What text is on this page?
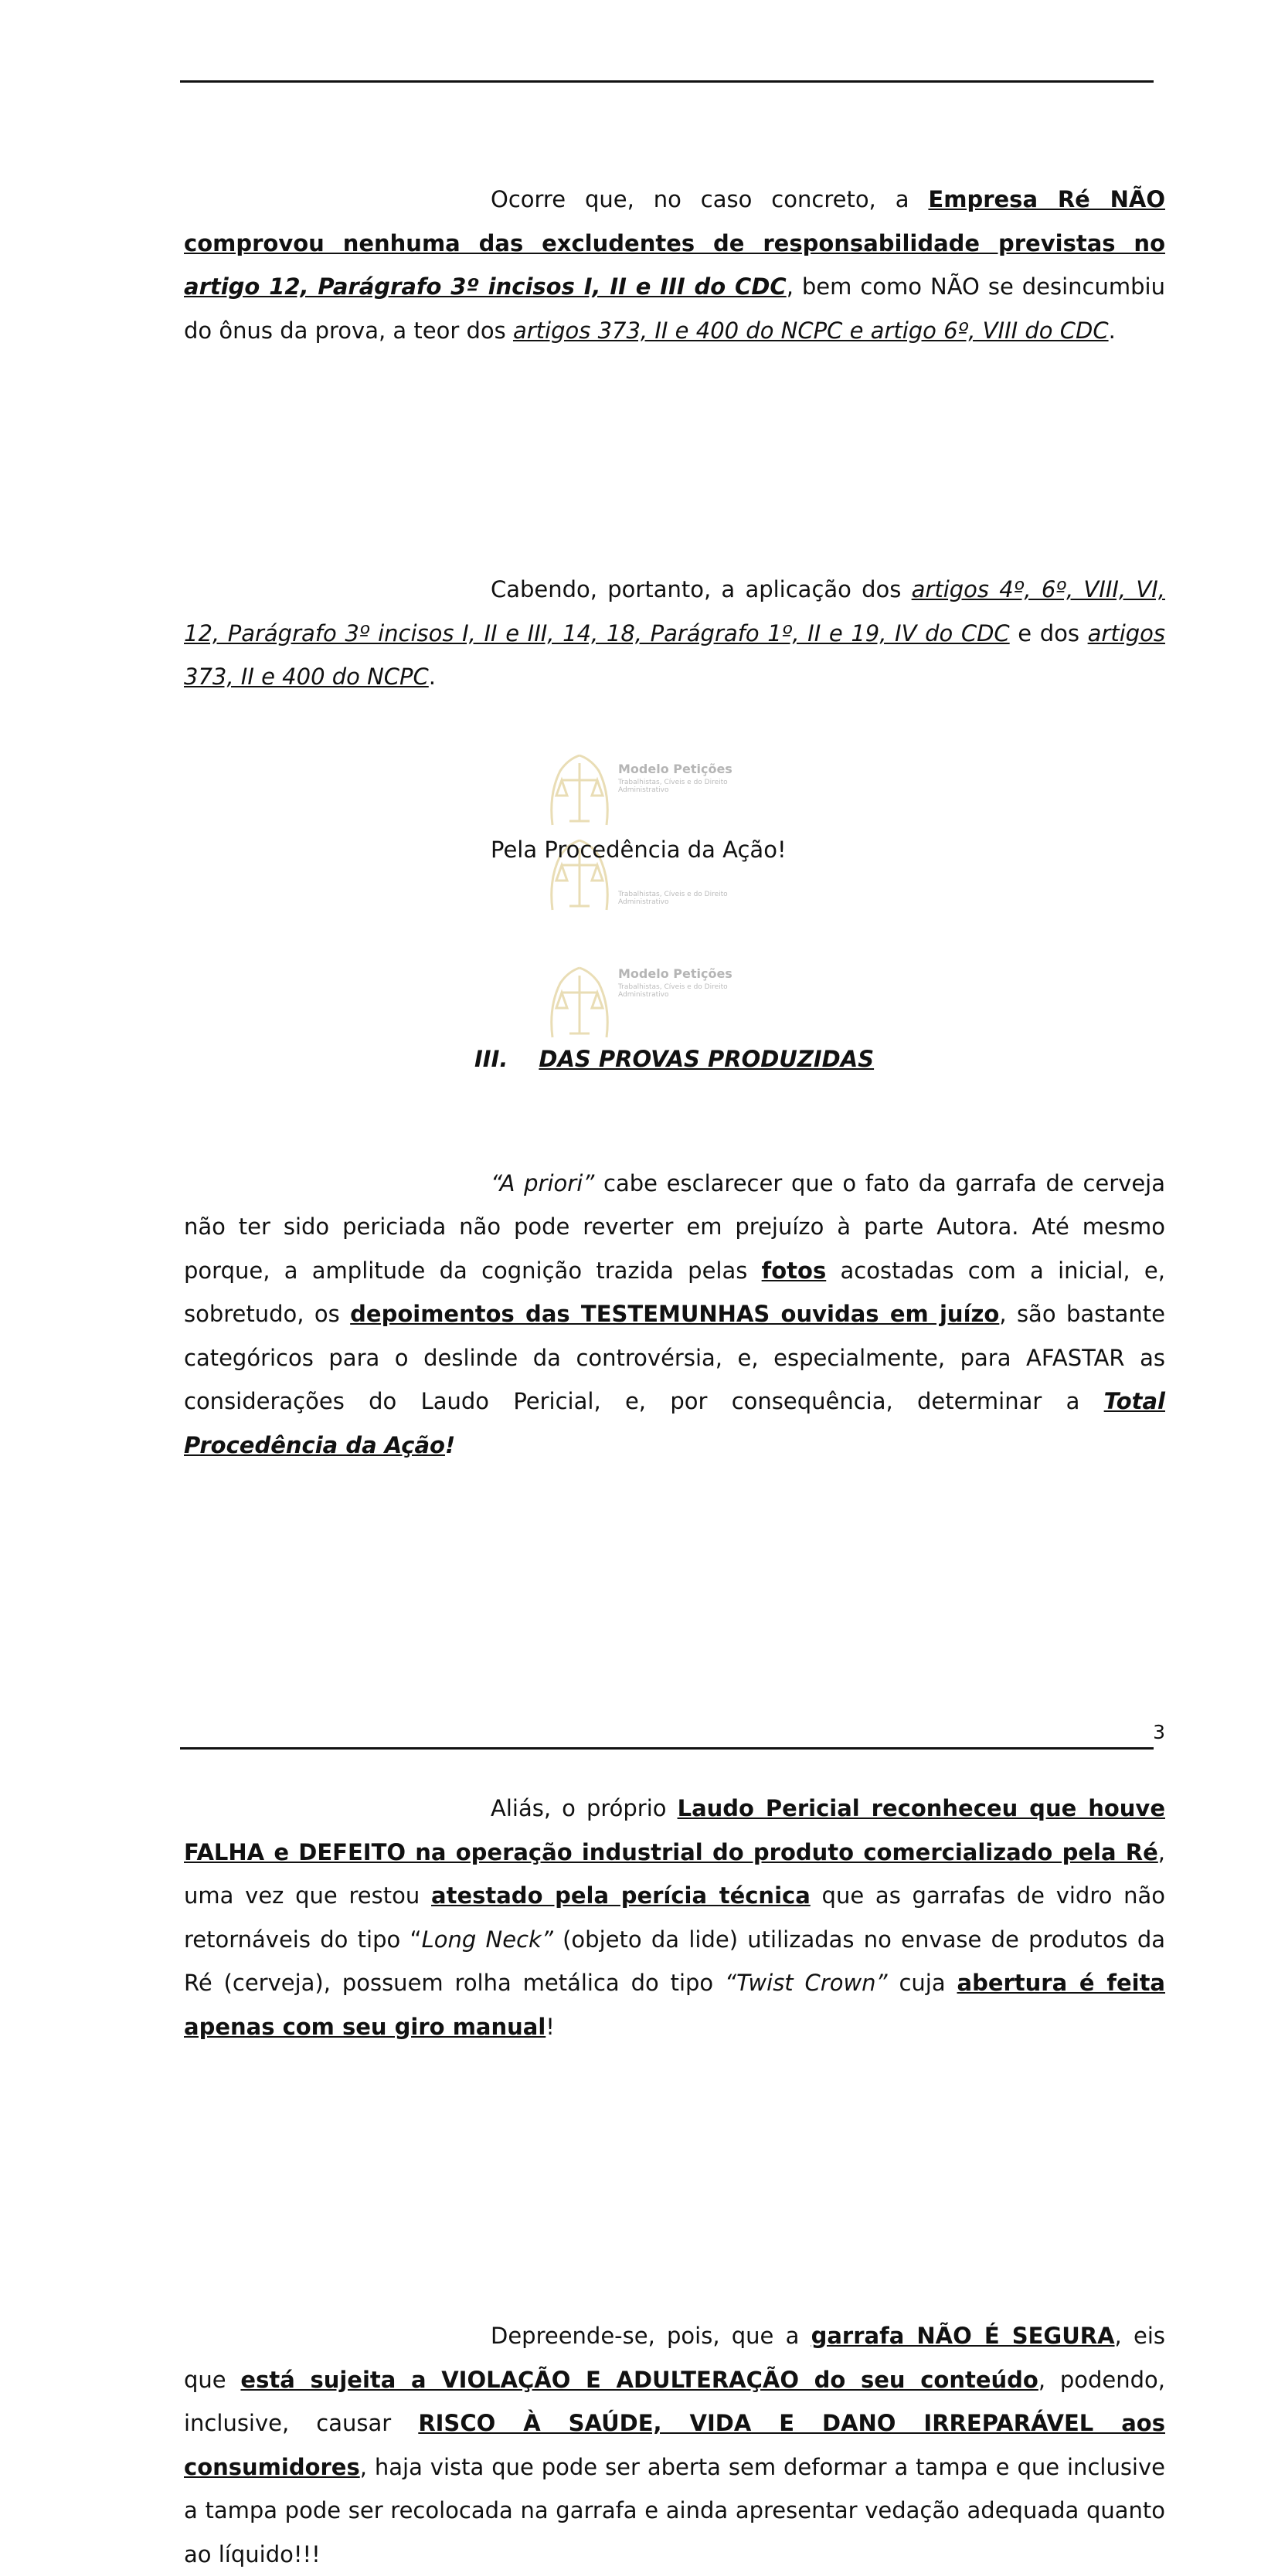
Modelo Petições
Trabalhistas, Cíveis e do Direito Administrativo
Trabalhistas, Cíveis e do Direito Administrativo
Modelo Petições
Trabalhistas, Cíveis e do Direito Administrativo

Ocorre que, no caso concreto, a Empresa Ré NÃO comprovou nenhuma das excludentes de responsabilidade previstas no artigo 12, Parágrafo 3º incisos I, II e III do CDC, bem como NÃO se desincumbiu do ônus da prova, a teor dos artigos 373, II e 400 do NCPC e artigo 6º, VIII do CDC.

Cabendo, portanto, a aplicação dos artigos 4º, 6º, VIII, VI, 12, Parágrafo 3º incisos I, II e III, 14, 18, Parágrafo 1º, II e 19, IV do CDC e dos artigos 373, II e 400 do NCPC.

Pela Procedência da Ação!

III. DAS PROVAS PRODUZIDAS

“A priori” cabe esclarecer que o fato da garrafa de cerveja não ter sido periciada não pode reverter em prejuízo à parte Autora. Até mesmo porque, a amplitude da cognição trazida pelas fotos acostadas com a inicial, e, sobretudo, os depoimentos das TESTEMUNHAS ouvidas em juízo, são bastante categóricos para o deslinde da controvérsia, e, especialmente, para AFASTAR as considerações do Laudo Pericial, e, por consequência, determinar a Total Procedência da Ação!

Aliás, o próprio Laudo Pericial reconheceu que houve FALHA e DEFEITO na operação industrial do produto comercializado pela Ré, uma vez que restou atestado pela perícia técnica que as garrafas de vidro não retornáveis do tipo “Long Neck” (objeto da lide) utilizadas no envase de produtos da Ré (cerveja), possuem rolha metálica do tipo “Twist Crown” cuja abertura é feita apenas com seu giro manual!

Depreende-se, pois, que a garrafa NÃO É SEGURA, eis que está sujeita a VIOLAÇÃO E ADULTERAÇÃO do seu conteúdo, podendo, inclusive, causar RISCO À SAÚDE, VIDA E DANO IRREPARÁVEL aos consumidores, haja vista que pode ser aberta sem deformar a tampa e que inclusive a tampa pode ser recolocada na garrafa e ainda apresentar vedação adequada quanto ao líquido!!!

3
